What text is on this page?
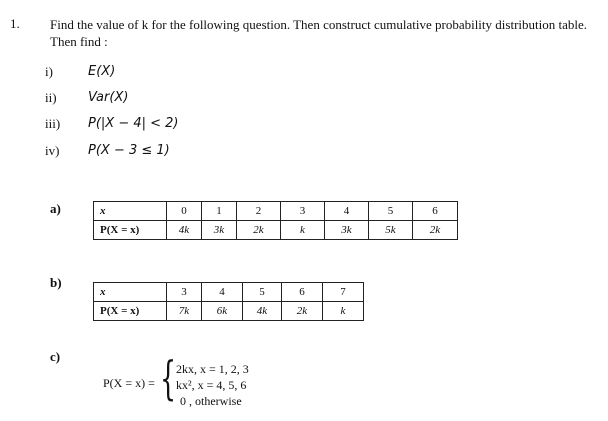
1. Find the value of k for the following question. Then construct cumulative probability distribution table. Then find :
i)	E(X)
ii) Var(X)
iii) P(|X − 4| < 2)
iv) P(X − 3 ≤ 1)
a)	x	0	1	2	3	4	5	6
P(X = x)	4k	3k	2k	k	3k	5k	2k
b)
x	3	4	5	6	7
P(X = x)	7k	6k	4k	2k	k
c)
P(X = x) = { 2kx, x = 1, 2, 3
kx², x = 4, 5, 6
0 , otherwise
